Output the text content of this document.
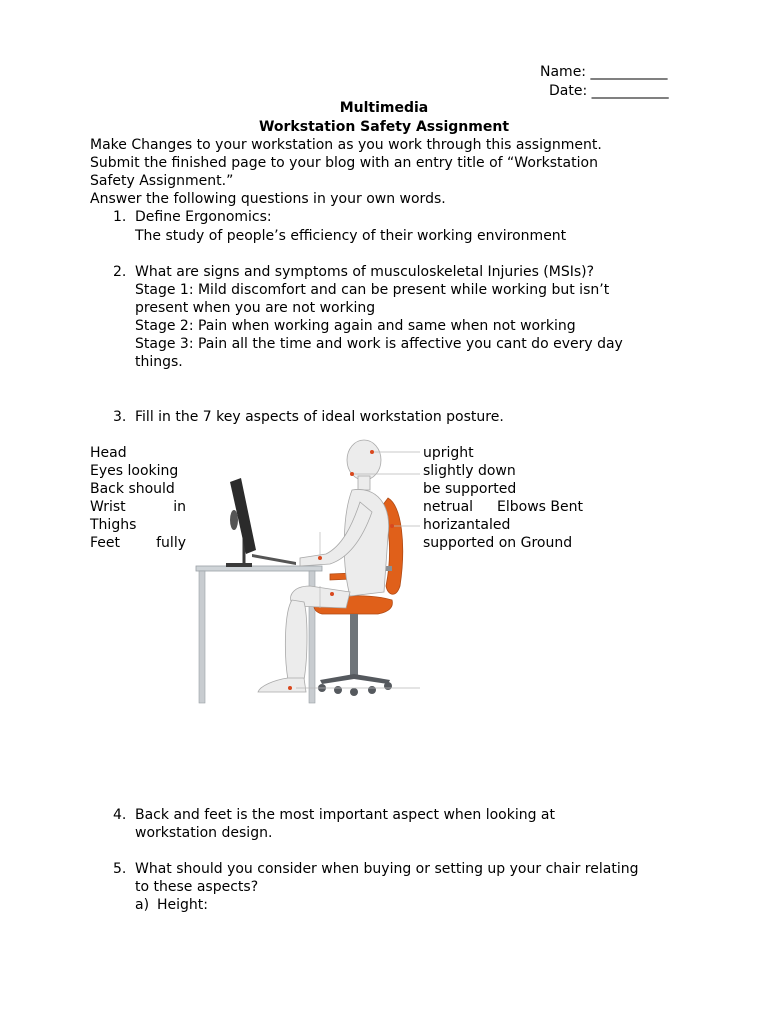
Name: ___________
Date: ___________
Multimedia
Workstation Safety Assignment
Make Changes to your workstation as you work through this assignment.
Submit the finished page to your blog with an entry title of “Workstation
Safety Assignment.”
Answer the following questions in your own words.
1. Define Ergonomics:
The study of people’s efficiency of their working environment
2. What are signs and symptoms of musculoskeletal Injuries (MSIs)?
Stage 1: Mild discomfort and can be present while working but isn’t
present when you are not working
Stage 2: Pain when working again and same when not working
Stage 3: Pain all the time and work is affective you cant do every day
things.
3. Fill in the 7 key aspects of ideal workstation posture.
Head
Eyes looking
Back should
Wrist	in
Thighs
Feet	fully
upright
slightly down
be supported
netrual Elbows Bent
horizantaled
supported on Ground
4. Back and feet is the most important aspect when looking at
workstation design.
5. What should you consider when buying or setting up your chair relating
to these aspects?
a) Height:
